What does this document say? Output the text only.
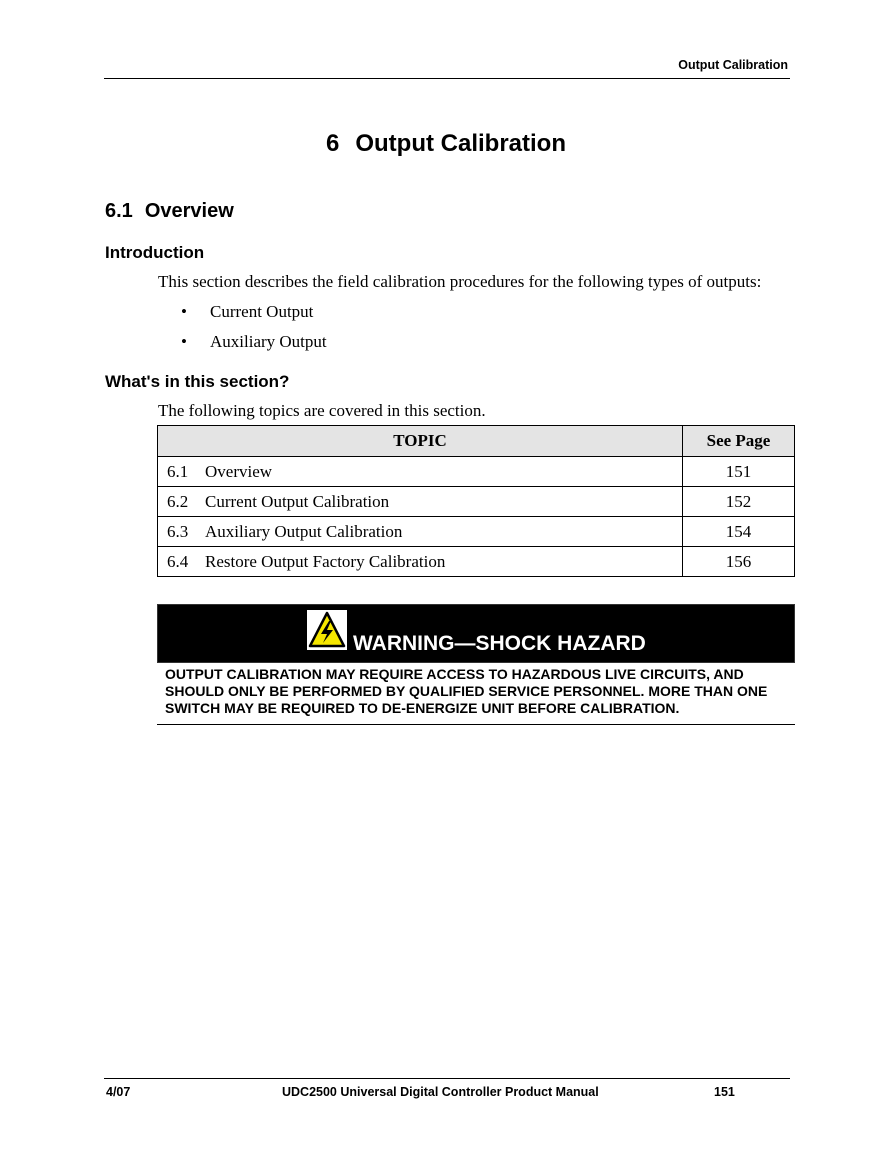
Output Calibration
6 Output Calibration
6.1 Overview
Introduction
This section describes the field calibration procedures for the following types of outputs:
• Current Output
• Auxiliary Output
What's in this section?
The following topics are covered in this section.
TOPIC	See Page
6.1 Overview	151
6.2 Current Output Calibration	152
6.3 Auxiliary Output Calibration	154
6.4 Restore Output Factory Calibration	156
WARNING—SHOCK HAZARD
OUTPUT CALIBRATION MAY REQUIRE ACCESS TO HAZARDOUS LIVE CIRCUITS, AND SHOULD ONLY BE PERFORMED BY QUALIFIED SERVICE PERSONNEL. MORE THAN ONE SWITCH MAY BE REQUIRED TO DE-ENERGIZE UNIT BEFORE CALIBRATION.
4/07	UDC2500 Universal Digital Controller Product Manual	151
